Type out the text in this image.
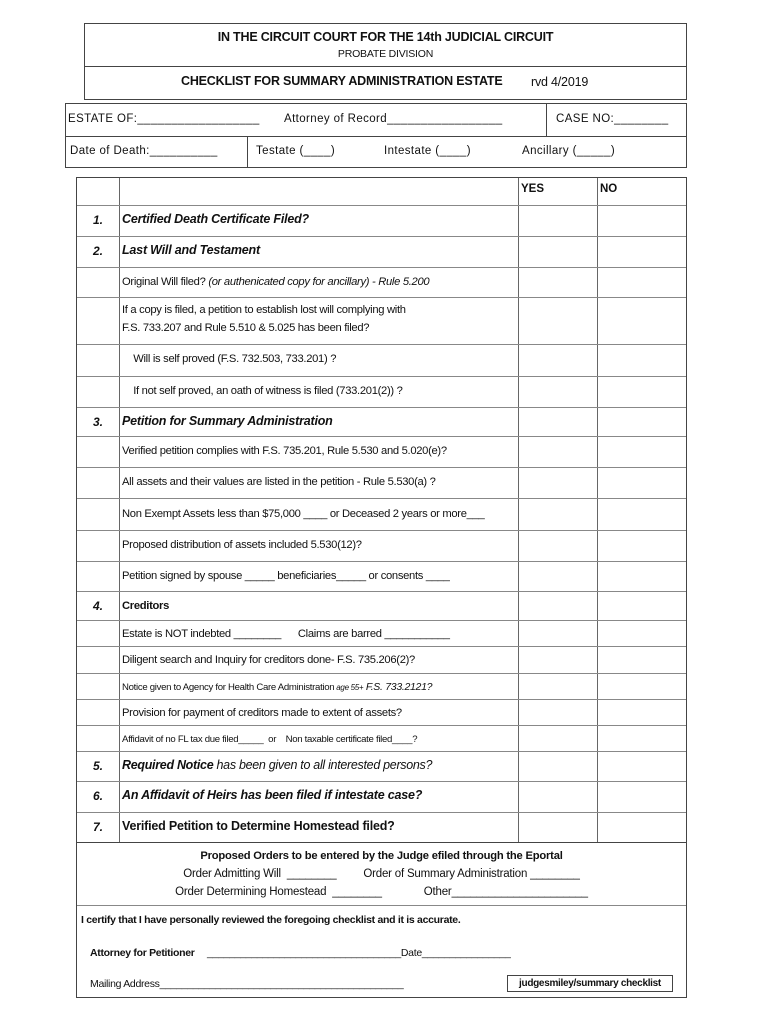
IN THE CIRCUIT COURT FOR THE 14th JUDICIAL CIRCUIT
PROBATE DIVISION
CHECKLIST FOR SUMMARY ADMINISTRATION ESTATE rvd 4/2019
ESTATE OF:__________________ Attorney of Record_________________	CASE NO:________
Date of Death:__________	Testate (____)	Intestate (____)	Ancillary (_____)
YES	NO
1.	Certified Death Certificate Filed?
2.	Last Will and Testament
Original Will filed? (or authenicated copy for ancillary) - Rule 5.200
If a copy is filed, a petition to establish lost will complying with
F.S. 733.207 and Rule 5.510 & 5.025 has been filed?
Will is self proved (F.S. 732.503, 733.201) ?
If not self proved, an oath of witness is filed (733.201(2)) ?
3.	Petition for Summary Administration
Verified petition complies with F.S. 735.201, Rule 5.530 and 5.020(e)?
All assets and their values are listed in the petition - Rule 5.530(a) ?
Non Exempt Assets less than $75,000 ____ or Deceased 2 years or more___
Proposed distribution of assets included 5.530(12)?
Petition signed by spouse _____ beneficiaries_____ or consents ____
4.	Creditors
Estate is NOT indebted ________      Claims are barred ___________
Diligent search and Inquiry for creditors done- F.S. 735.206(2)?
Notice given to Agency for Health Care Administration age 55+ F.S. 733.2121?
Provision for payment of creditors made to extent of assets?
Affidavit of no FL tax due filed_____  or    Non taxable certificate filed____?
5.	Required Notice has been given to all interested persons?
6.	An Affidavit of Heirs has been filed if intestate case?
7.	Verified Petition to Determine Homestead filed?
Proposed Orders to be entered by the Judge efiled through the Eportal
Order Admitting Will  ________         Order of Summary Administration ________
Order Determining Homestead  ________              Other______________________
I certify that I have personally reviewed the foregoing checklist and it is accurate.
Attorney for Petitioner ___________________________________Date________________
Mailing Address____________________________________________	judgesmiley/summary checklist
